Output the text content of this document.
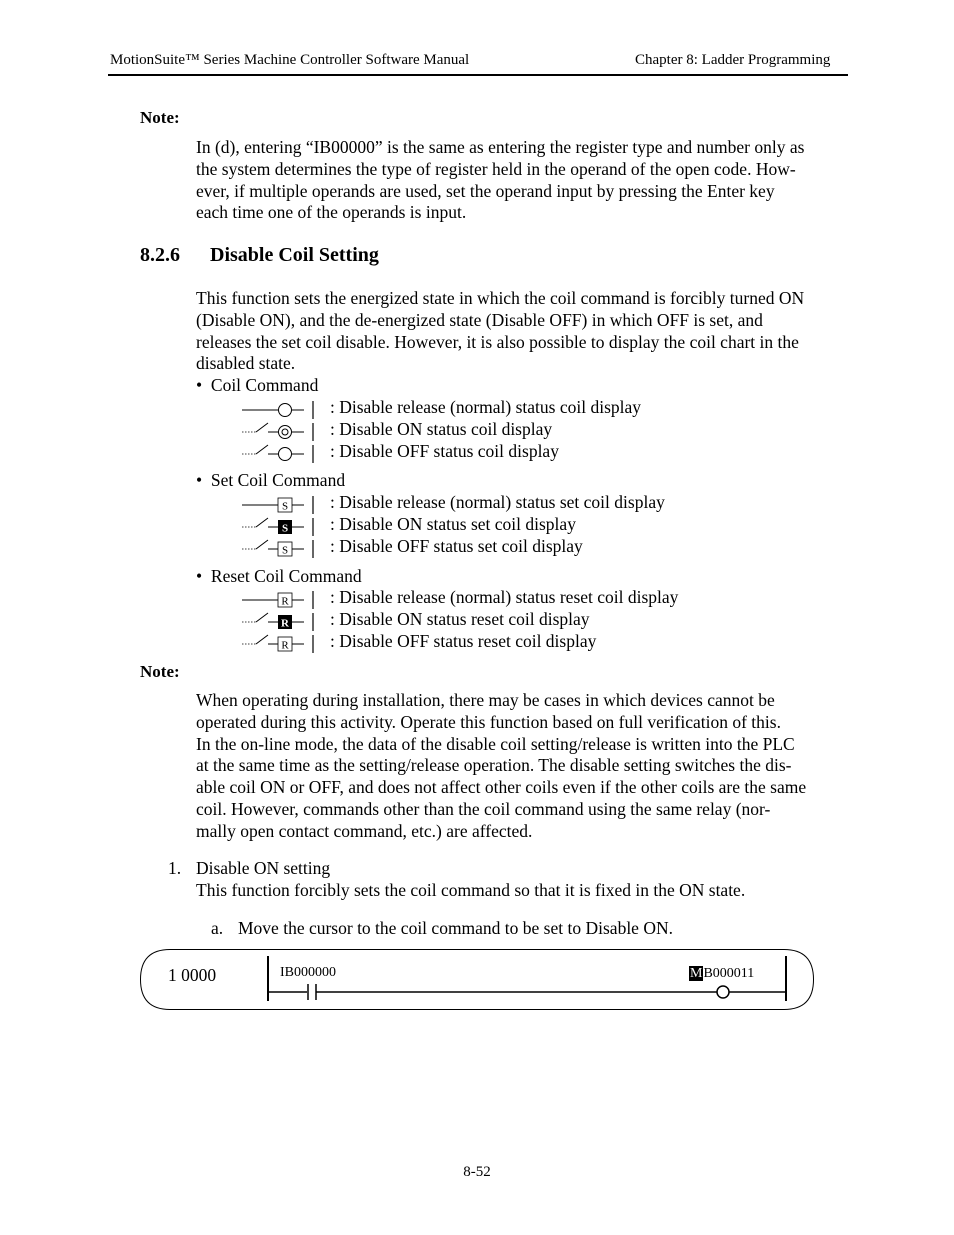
MotionSuite™ Series Machine Controller Software Manual	Chapter 8: Ladder Programming
Note:
In (d), entering “IB00000” is the same as entering the register type and number only as
the system determines the type of register held in the operand of the open code. How-
ever, if multiple operands are used, set the operand input by pressing the Enter key
each time one of the operands is input.
8.2.6 Disable Coil Setting
This function sets the energized state in which the coil command is forcibly turned ON
(Disable ON), and the de-energized state (Disable OFF) in which OFF is set, and
releases the set coil disable. However, it is also possible to display the coil chart in the
disabled state.
•  Coil Command
: Disable release (normal) status coil display
: Disable ON status coil display
: Disable OFF status coil display
•  Set Coil Command
S
S
S
: Disable release (normal) status set coil display
: Disable ON status set coil display
: Disable OFF status set coil display
•  Reset Coil Command
R
R
R
: Disable release (normal) status reset coil display
: Disable ON status reset coil display
: Disable OFF status reset coil display
Note:
When operating during installation, there may be cases in which devices cannot be
operated during this activity. Operate this function based on full verification of this.
In the on-line mode, the data of the disable coil setting/release is written into the PLC
at the same time as the setting/release operation. The disable setting switches the dis-
able coil ON or OFF, and does not affect other coils even if the other coils are the same
coil. However, commands other than the coil command using the same relay (nor-
mally open contact command, etc.) are affected.
1. Disable ON setting
This function forcibly sets the coil command so that it is fixed in the ON state.
a. Move the cursor to the coil command to be set to Disable ON.
1 0000	IB000000	MB000011
8-52
